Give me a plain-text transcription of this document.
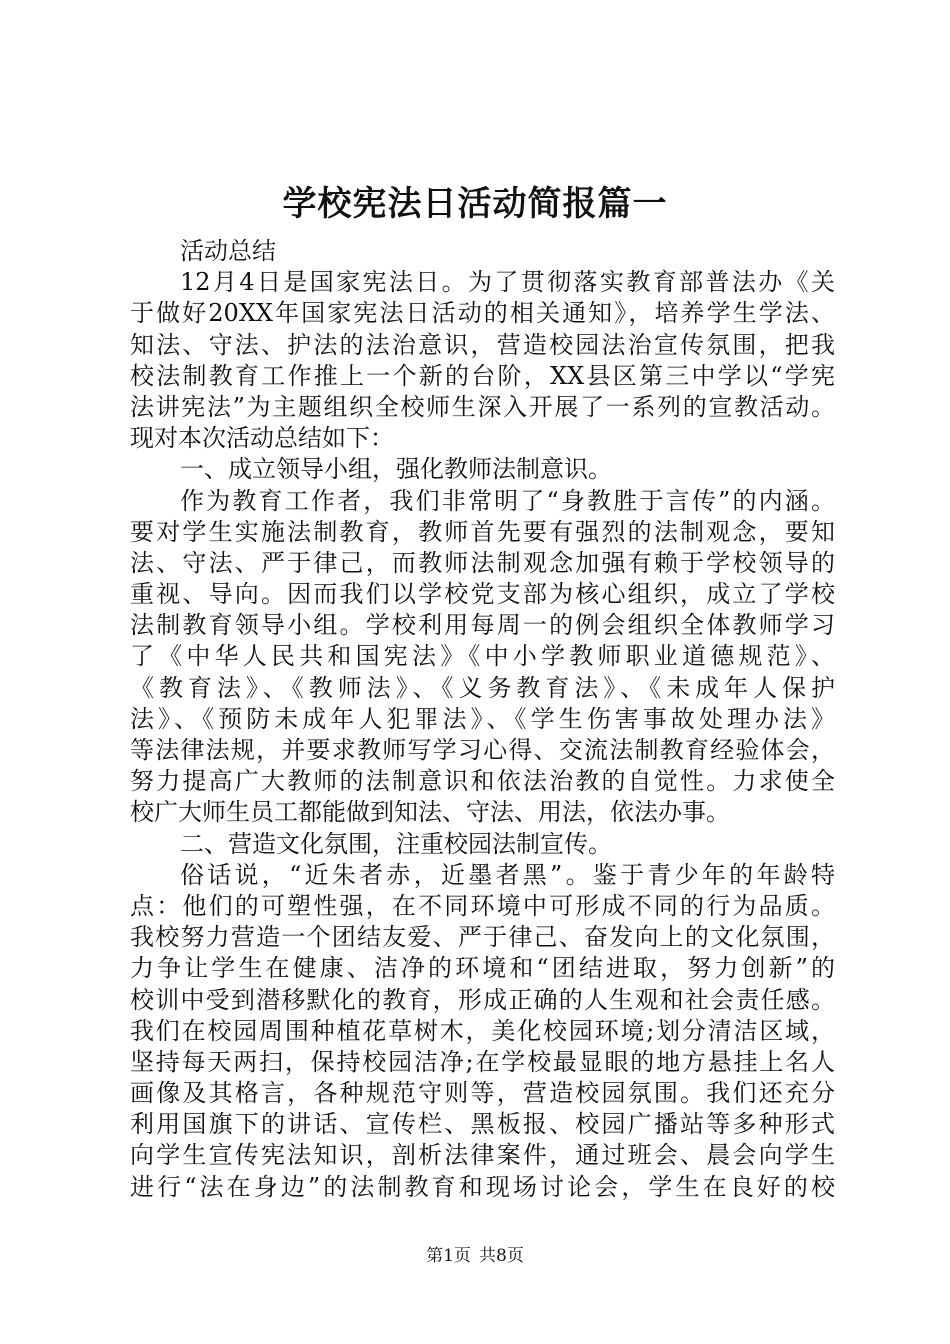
学校宪法日活动简报篇一
活动总结
12月4日是国家宪法日。为了贯彻落实教育部普法办《关
于做好20XX年国家宪法日活动的相关通知》，培养学生学法、
知法、守法、护法的法治意识，营造校园法治宣传氛围，把我
校法制教育工作推上一个新的台阶，XX县区第三中学以“学宪
法讲宪法”为主题组织全校师生深入开展了一系列的宣教活动。
现对本次活动总结如下：
一、成立领导小组，强化教师法制意识。
作为教育工作者，我们非常明了“身教胜于言传”的内涵。
要对学生实施法制教育，教师首先要有强烈的法制观念，要知
法、守法、严于律己，而教师法制观念加强有赖于学校领导的
重视、导向。因而我们以学校党支部为核心组织，成立了学校
法制教育领导小组。学校利用每周一的例会组织全体教师学习
了《中华人民共和国宪法》《中小学教师职业道德规范》、
《教育法》、《教师法》、《义务教育法》、《未成年人保护
法》、《预防未成年人犯罪法》、《学生伤害事故处理办法》
等法律法规，并要求教师写学习心得、交流法制教育经验体会，
努力提高广大教师的法制意识和依法治教的自觉性。力求使全
校广大师生员工都能做到知法、守法、用法，依法办事。
二、营造文化氛围，注重校园法制宣传。
俗话说，“近朱者赤，近墨者黑”。鉴于青少年的年龄特
点：他们的可塑性强，在不同环境中可形成不同的行为品质。
我校努力营造一个团结友爱、严于律己、奋发向上的文化氛围，
力争让学生在健康、洁净的环境和“团结进取，努力创新”的
校训中受到潜移默化的教育，形成正确的人生观和社会责任感。
我们在校园周围种植花草树木，美化校园环境;划分清洁区域，
坚持每天两扫，保持校园洁净;在学校最显眼的地方悬挂上名人
画像及其格言，各种规范守则等，营造校园氛围。我们还充分
利用国旗下的讲话、宣传栏、黑板报、校园广播站等多种形式
向学生宣传宪法知识，剖析法律案件，通过班会、晨会向学生
进行“法在身边”的法制教育和现场讨论会，学生在良好的校
第1页 共8页
